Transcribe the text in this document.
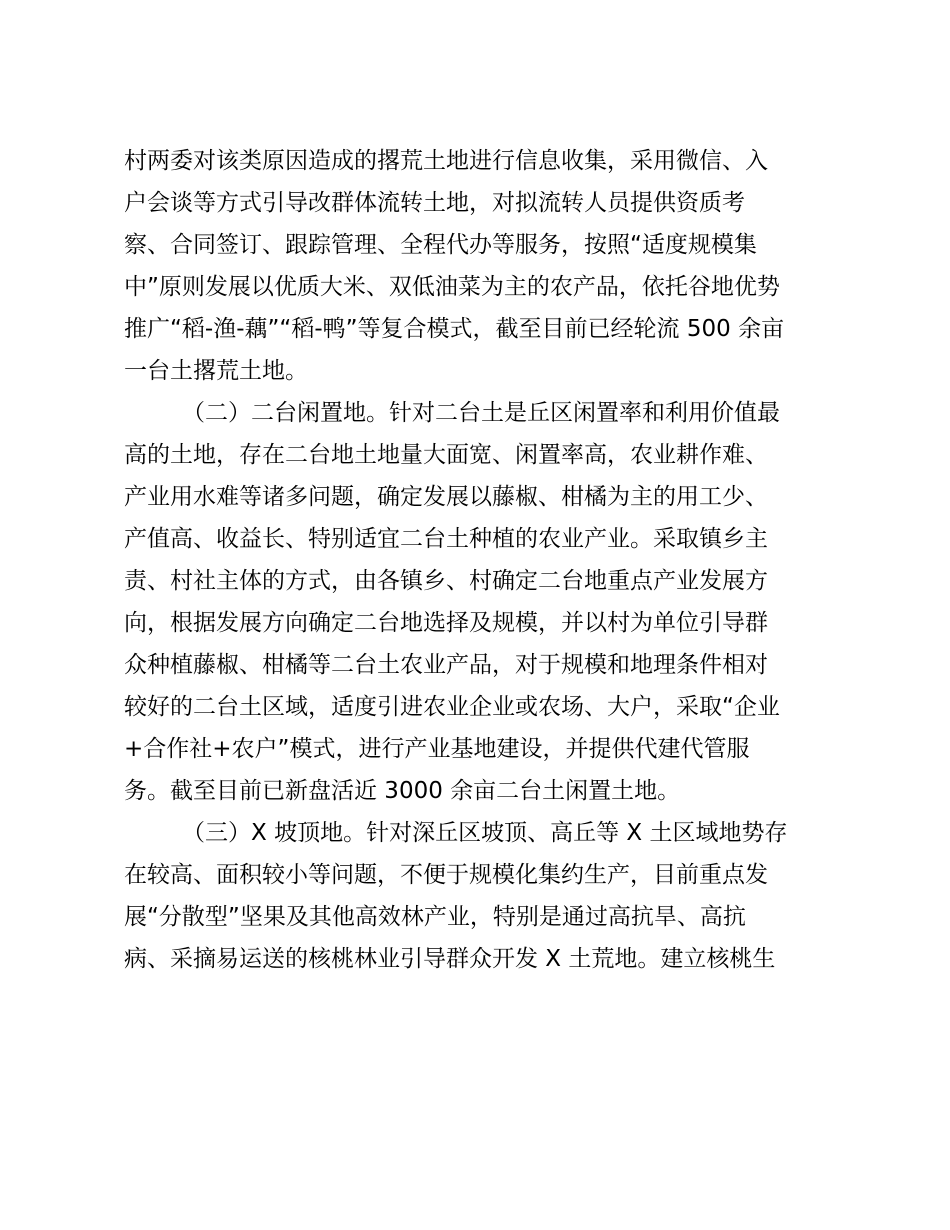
村两委对该类原因造成的撂荒土地进行信息收集，采用微信、入
户会谈等方式引导改群体流转土地，对拟流转人员提供资质考
察、合同签订、跟踪管理、全程代办等服务，按照“适度规模集
中”原则发展以优质大米、双低油菜为主的农产品，依托谷地优势
推广“稻-渔-藕”“稻-鸭”等复合模式，截至目前已经轮流 500 余亩
一台土撂荒土地。
（二）二台闲置地。针对二台土是丘区闲置率和利用价值最
高的土地，存在二台地土地量大面宽、闲置率高，农业耕作难、
产业用水难等诸多问题，确定发展以藤椒、柑橘为主的用工少、
产值高、收益长、特别适宜二台土种植的农业产业。采取镇乡主
责、村社主体的方式，由各镇乡、村确定二台地重点产业发展方
向，根据发展方向确定二台地选择及规模，并以村为单位引导群
众种植藤椒、柑橘等二台土农业产品，对于规模和地理条件相对
较好的二台土区域，适度引进农业企业或农场、大户，采取“企业
+合作社+农户”模式，进行产业基地建设，并提供代建代管服
务。截至目前已新盘活近 3000 余亩二台土闲置土地。
（三）X 坡顶地。针对深丘区坡顶、高丘等 X 土区域地势存
在较高、面积较小等问题，不便于规模化集约生产，目前重点发
展“分散型”坚果及其他高效林产业，特别是通过高抗旱、高抗
病、采摘易运送的核桃林业引导群众开发 X 土荒地。建立核桃生
